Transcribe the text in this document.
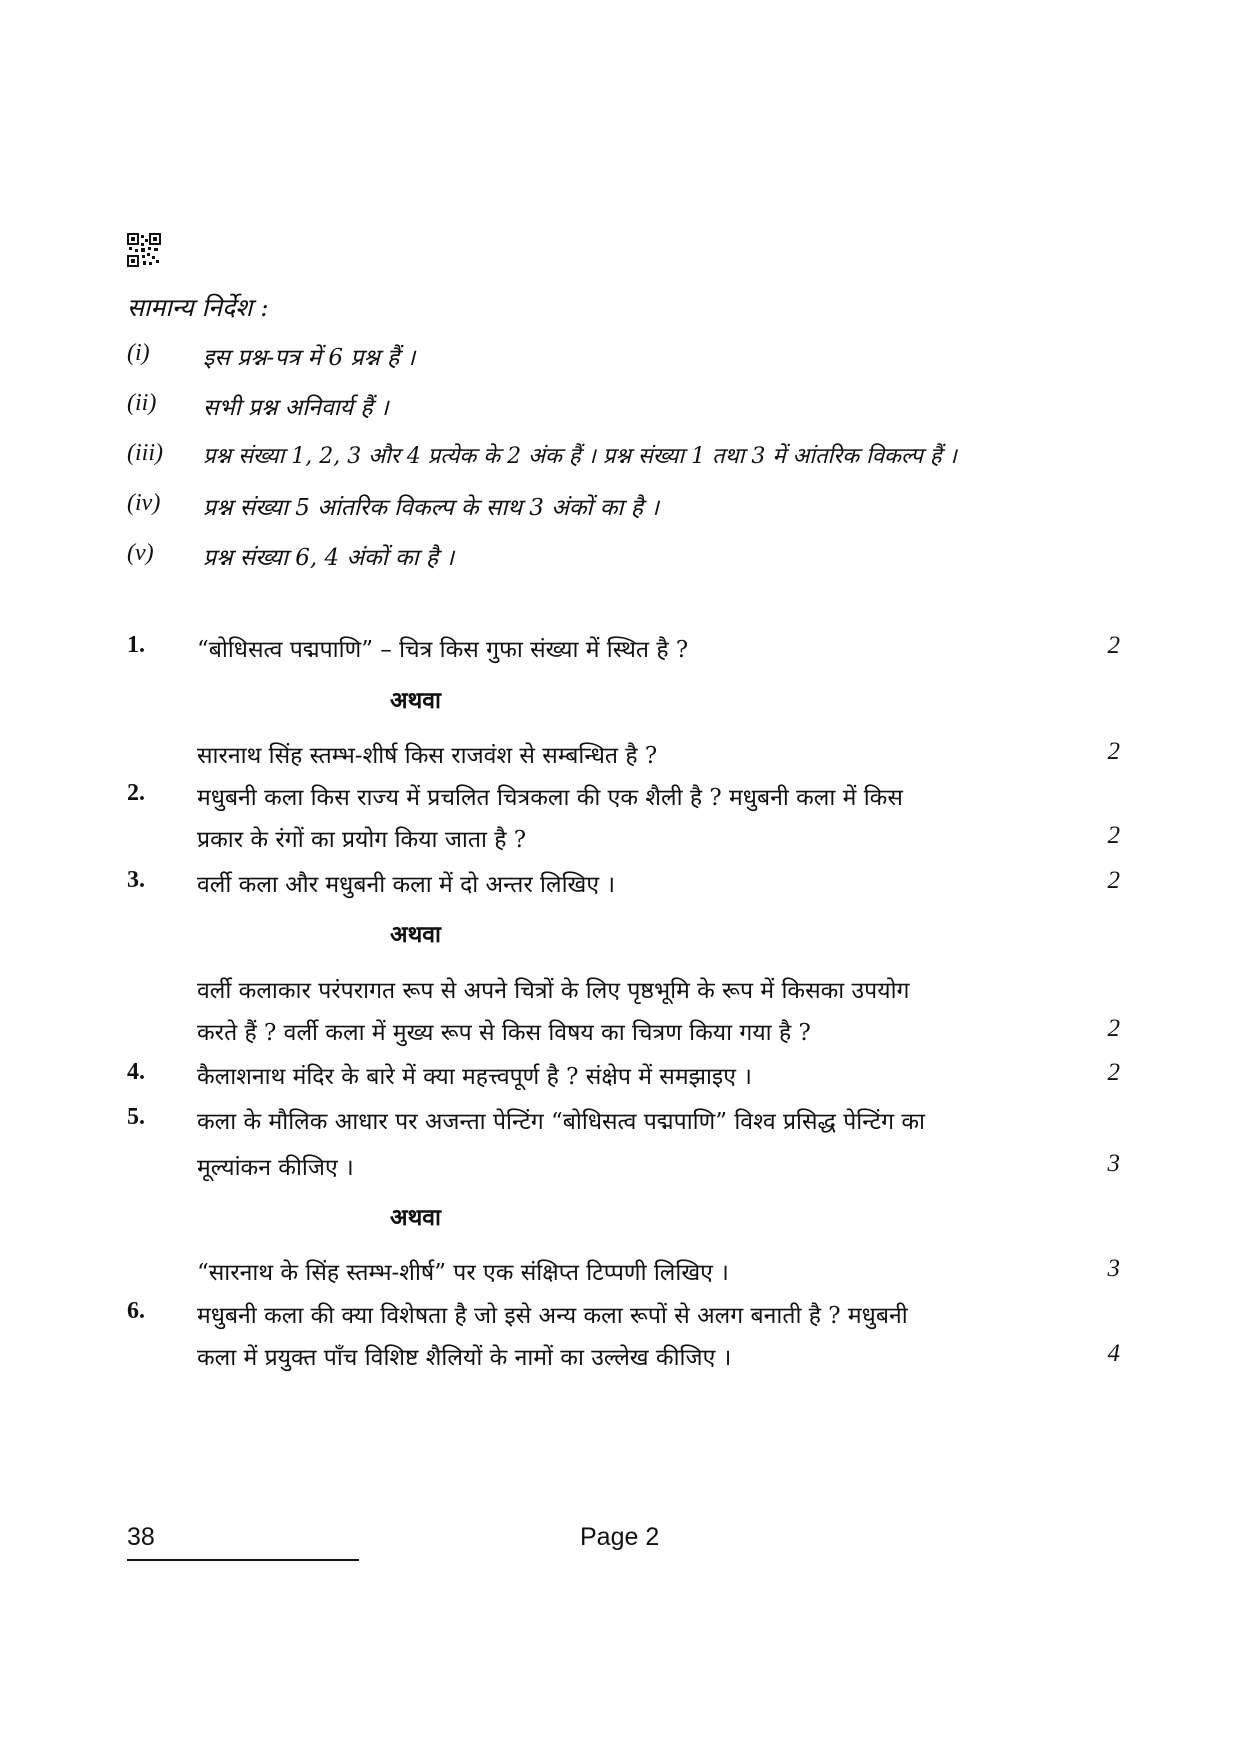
सामान्य निर्देश :
(i) इस प्रश्न-पत्र में 6 प्रश्न हैं ।
(ii) सभी प्रश्न अनिवार्य हैं ।
(iii) प्रश्न संख्या 1, 2, 3 और 4 प्रत्येक के 2 अंक हैं । प्रश्न संख्या 1 तथा 3 में आंतरिक विकल्प हैं ।
(iv) प्रश्न संख्या 5 आंतरिक विकल्प के साथ 3 अंकों का है ।
(v) प्रश्न संख्या 6, 4 अंकों का है ।
1. “बोधिसत्व पद्मपाणि” – चित्र किस गुफा संख्या में स्थित है ?	2
अथवा
सारनाथ सिंह स्तम्भ-शीर्ष किस राजवंश से सम्बन्धित है ?	2
2. मधुबनी कला किस राज्य में प्रचलित चित्रकला की एक शैली है ? मधुबनी कला में किस
प्रकार के रंगों का प्रयोग किया जाता है ?	2
3. वर्ली कला और मधुबनी कला में दो अन्तर लिखिए ।	2
अथवा
वर्ली कलाकार परंपरागत रूप से अपने चित्रों के लिए पृष्ठभूमि के रूप में किसका उपयोग
करते हैं ? वर्ली कला में मुख्य रूप से किस विषय का चित्रण किया गया है ?	2
4. कैलाशनाथ मंदिर के बारे में क्या महत्त्वपूर्ण है ? संक्षेप में समझाइए ।	2
5. कला के मौलिक आधार पर अजन्ता पेन्टिंग “बोधिसत्व पद्मपाणि” विश्व प्रसिद्ध पेन्टिंग का
मूल्यांकन कीजिए ।	3
अथवा
“सारनाथ के सिंह स्तम्भ-शीर्ष” पर एक संक्षिप्त टिप्पणी लिखिए ।	3
6. मधुबनी कला की क्या विशेषता है जो इसे अन्य कला रूपों से अलग बनाती है ? मधुबनी
कला में प्रयुक्त पाँच विशिष्ट शैलियों के नामों का उल्लेख कीजिए ।	4
38	Page 2
